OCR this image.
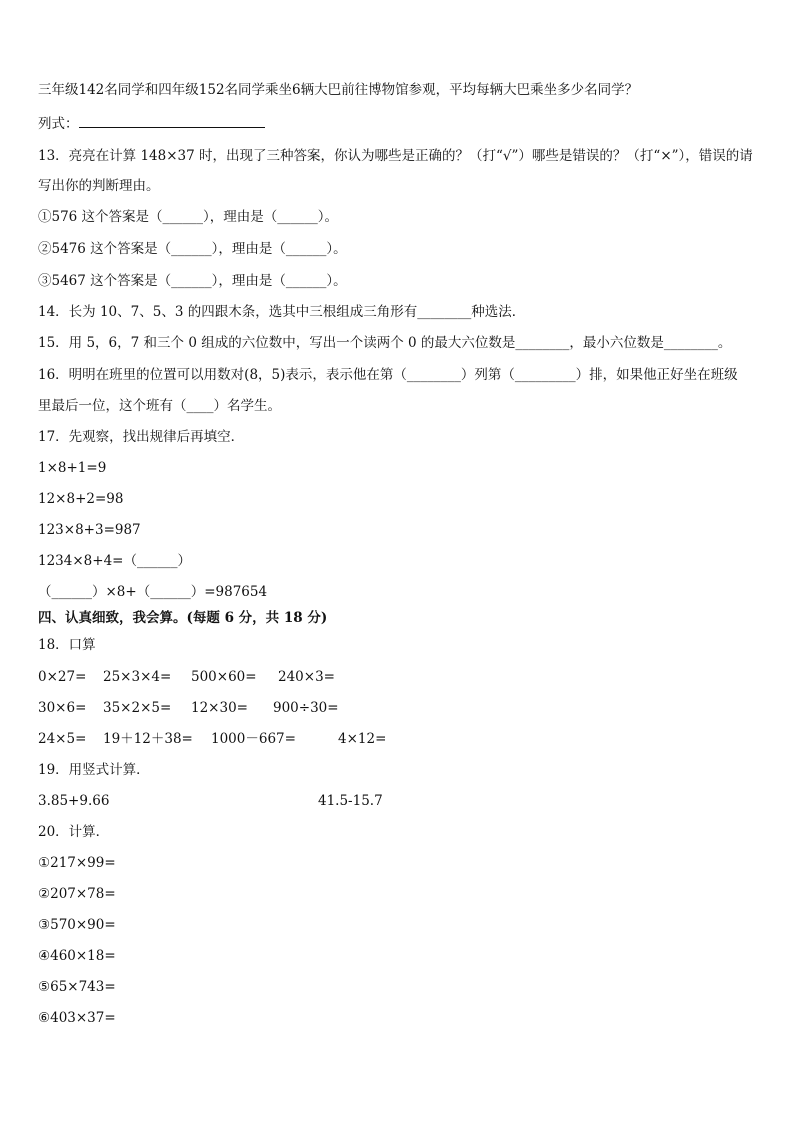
三年级142名同学和四年级152名同学乘坐6辆大巴前往博物馆参观，平均每辆大巴乘坐多少名同学？
列式：
13．亮亮在计算 148×37 时，出现了三种答案，你认为哪些是正确的？（打“√”）哪些是错误的？（打“×”），错误的请
写出你的判断理由。
①576 这个答案是（______），理由是（______）。
②5476 这个答案是（______），理由是（______）。
③5467 这个答案是（______），理由是（______）。
14．长为 10、7、5、3 的四跟木条，选其中三根组成三角形有________种选法．
15．用 5，6，7 和三个 0 组成的六位数中，写出一个读两个 0 的最大六位数是________，最小六位数是________。
16．明明在班里的位置可以用数对(8，5)表示，表示他在第（________）列第（_________）排，如果他正好坐在班级
里最后一位，这个班有（____）名学生。
17．先观察，找出规律后再填空．
1×8+1=9
12×8+2=98
123×8+3=987
1234×8+4=（______）
（______）×8+（______）=987654
四、认真细致，我会算。(每题 6 分，共 18 分)
18．口算
0×27= 25×3×4= 500×60= 240×3=
30×6= 35×2×5= 12×30= 900÷30=
24×5= 19＋12＋38= 1000－667=	4×12=
19．用竖式计算．
3.85+9.66	41.5-15.7
20．计算．
①217×99=
②207×78=
③570×90=
④460×18=
⑤65×743=
⑥403×37=
